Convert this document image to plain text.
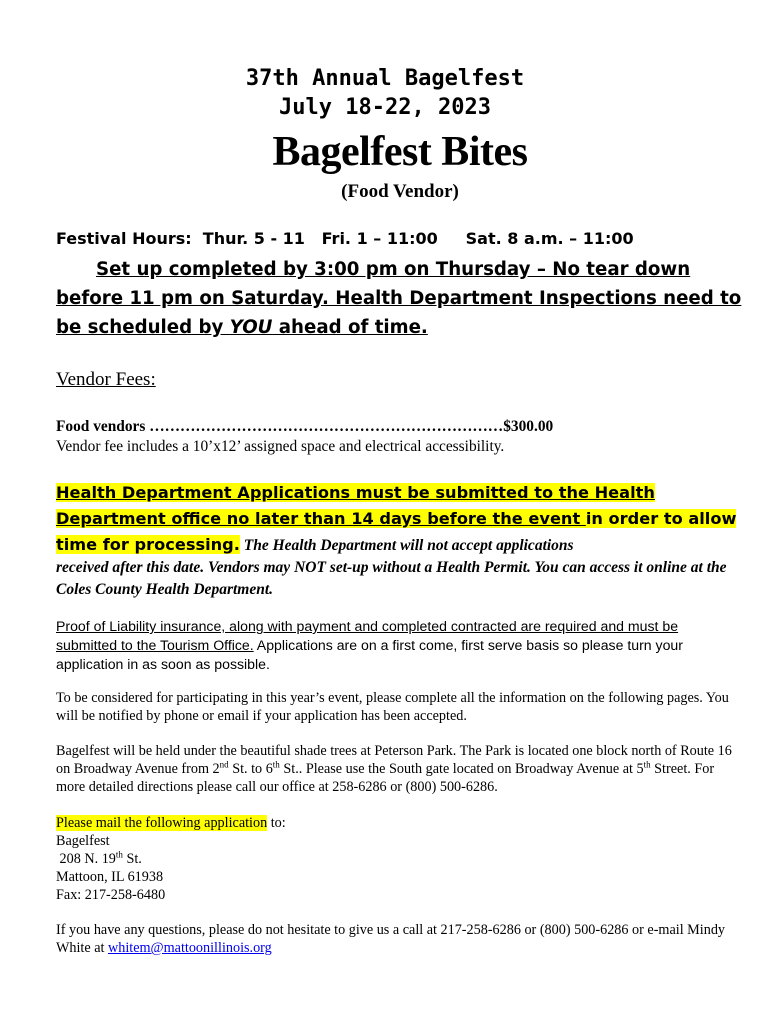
37th Annual Bagelfest
July 18-22, 2023
Bagelfest Bites
(Food Vendor)
Festival Hours:  Thur. 5 - 11   Fri. 1 – 11:00     Sat. 8 a.m. – 11:00
Set up completed by 3:00 pm on Thursday – No tear down before 11 pm on Saturday. Health Department Inspections need to be scheduled by YOU ahead of time.
Vendor Fees:
Food vendors ……………………………………………………………$300.00
Vendor fee includes a 10’x12’ assigned space and electrical accessibility.
Health Department Applications must be submitted to the Health Department office no later than 14 days before the event in order to allow time for processing. The Health Department will not accept applications
received after this date. Vendors may NOT set-up without a Health Permit. You can access it online at the Coles County Health Department.
Proof of Liability insurance, along with payment and completed contracted are required and must be submitted to the Tourism Office. Applications are on a first come, first serve basis so please turn your application in as soon as possible.
To be considered for participating in this year’s event, please complete all the information on the following pages. You will be notified by phone or email if your application has been accepted.
Bagelfest will be held under the beautiful shade trees at Peterson Park. The Park is located one block north of Route 16 on Broadway Avenue from 2nd St. to 6th St.. Please use the South gate located on Broadway Avenue at 5th Street. For more detailed directions please call our office at 258-6286 or (800) 500-6286.
Please mail the following application to:
Bagelfest
208 N. 19th St.
Mattoon, IL 61938
Fax: 217-258-6480
If you have any questions, please do not hesitate to give us a call at 217-258-6286 or (800) 500-6286 or e-mail Mindy White at whitem@mattoonillinois.org
